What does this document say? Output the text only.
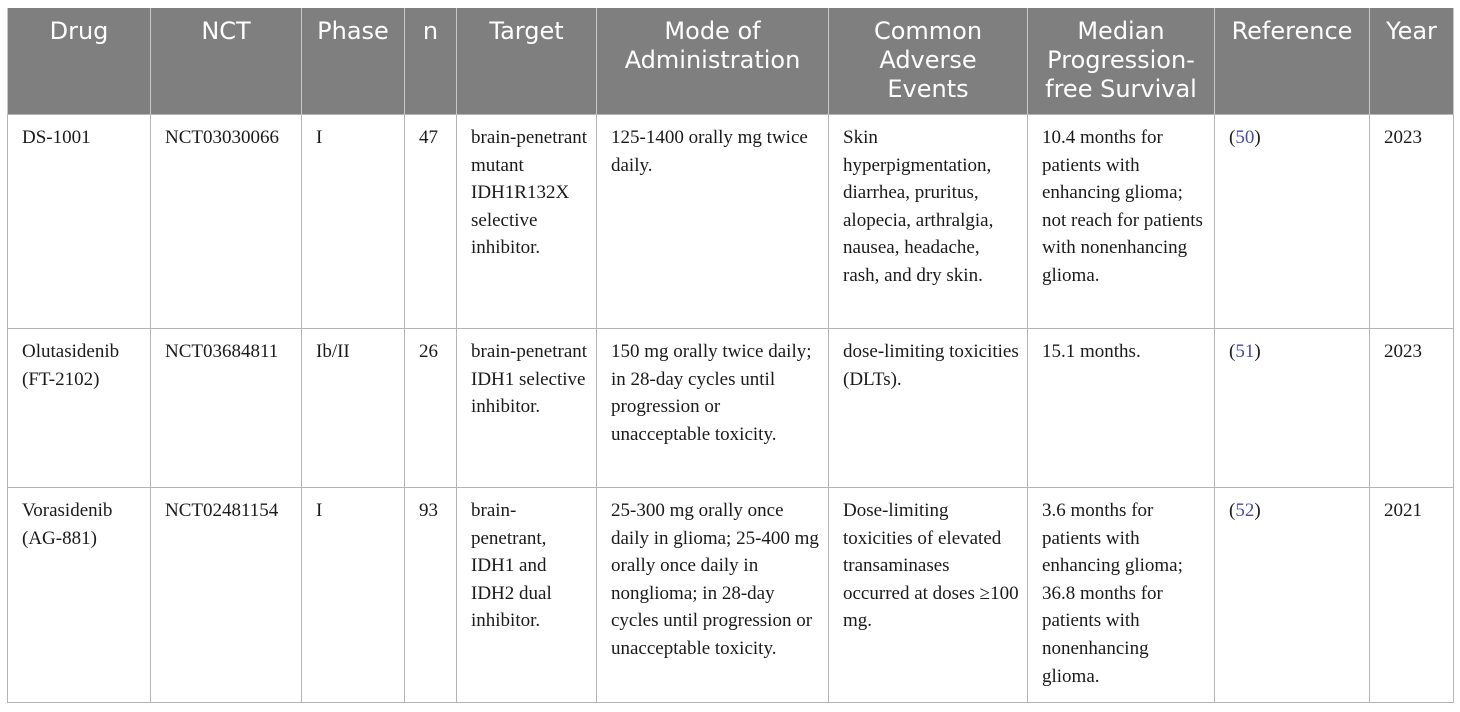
Drug	NCT	Phase	n	Target	Mode of Administration	Common Adverse Events	Median Progression-free Survival	Reference	Year
DS-1001	NCT03030066	I	47	brain-penetrant mutant IDH1R132X selective inhibitor.	125-1400 orally mg twice daily.	Skin hyperpigmentation, diarrhea, pruritus, alopecia, arthralgia, nausea, headache, rash, and dry skin.	10.4 months for patients with enhancing glioma; not reach for patients with nonenhancing glioma.	(50)	2023
Olutasidenib (FT-2102)	NCT03684811	Ib/II	26	brain-penetrant IDH1 selective inhibitor.	150 mg orally twice daily; in 28-day cycles until progression or unacceptable toxicity.	dose-limiting toxicities (DLTs).	15.1 months.	(51)	2023
Vorasidenib (AG-881)	NCT02481154	I	93	brain-penetrant, IDH1 and IDH2 dual inhibitor.	25-300 mg orally once daily in glioma; 25-400 mg orally once daily in nonglioma; in 28-day cycles until progression or unacceptable toxicity.	Dose-limiting toxicities of elevated transaminases occurred at doses ≥100 mg.	3.6 months for patients with enhancing glioma; 36.8 months for patients with nonenhancing glioma.	(52)	2021
